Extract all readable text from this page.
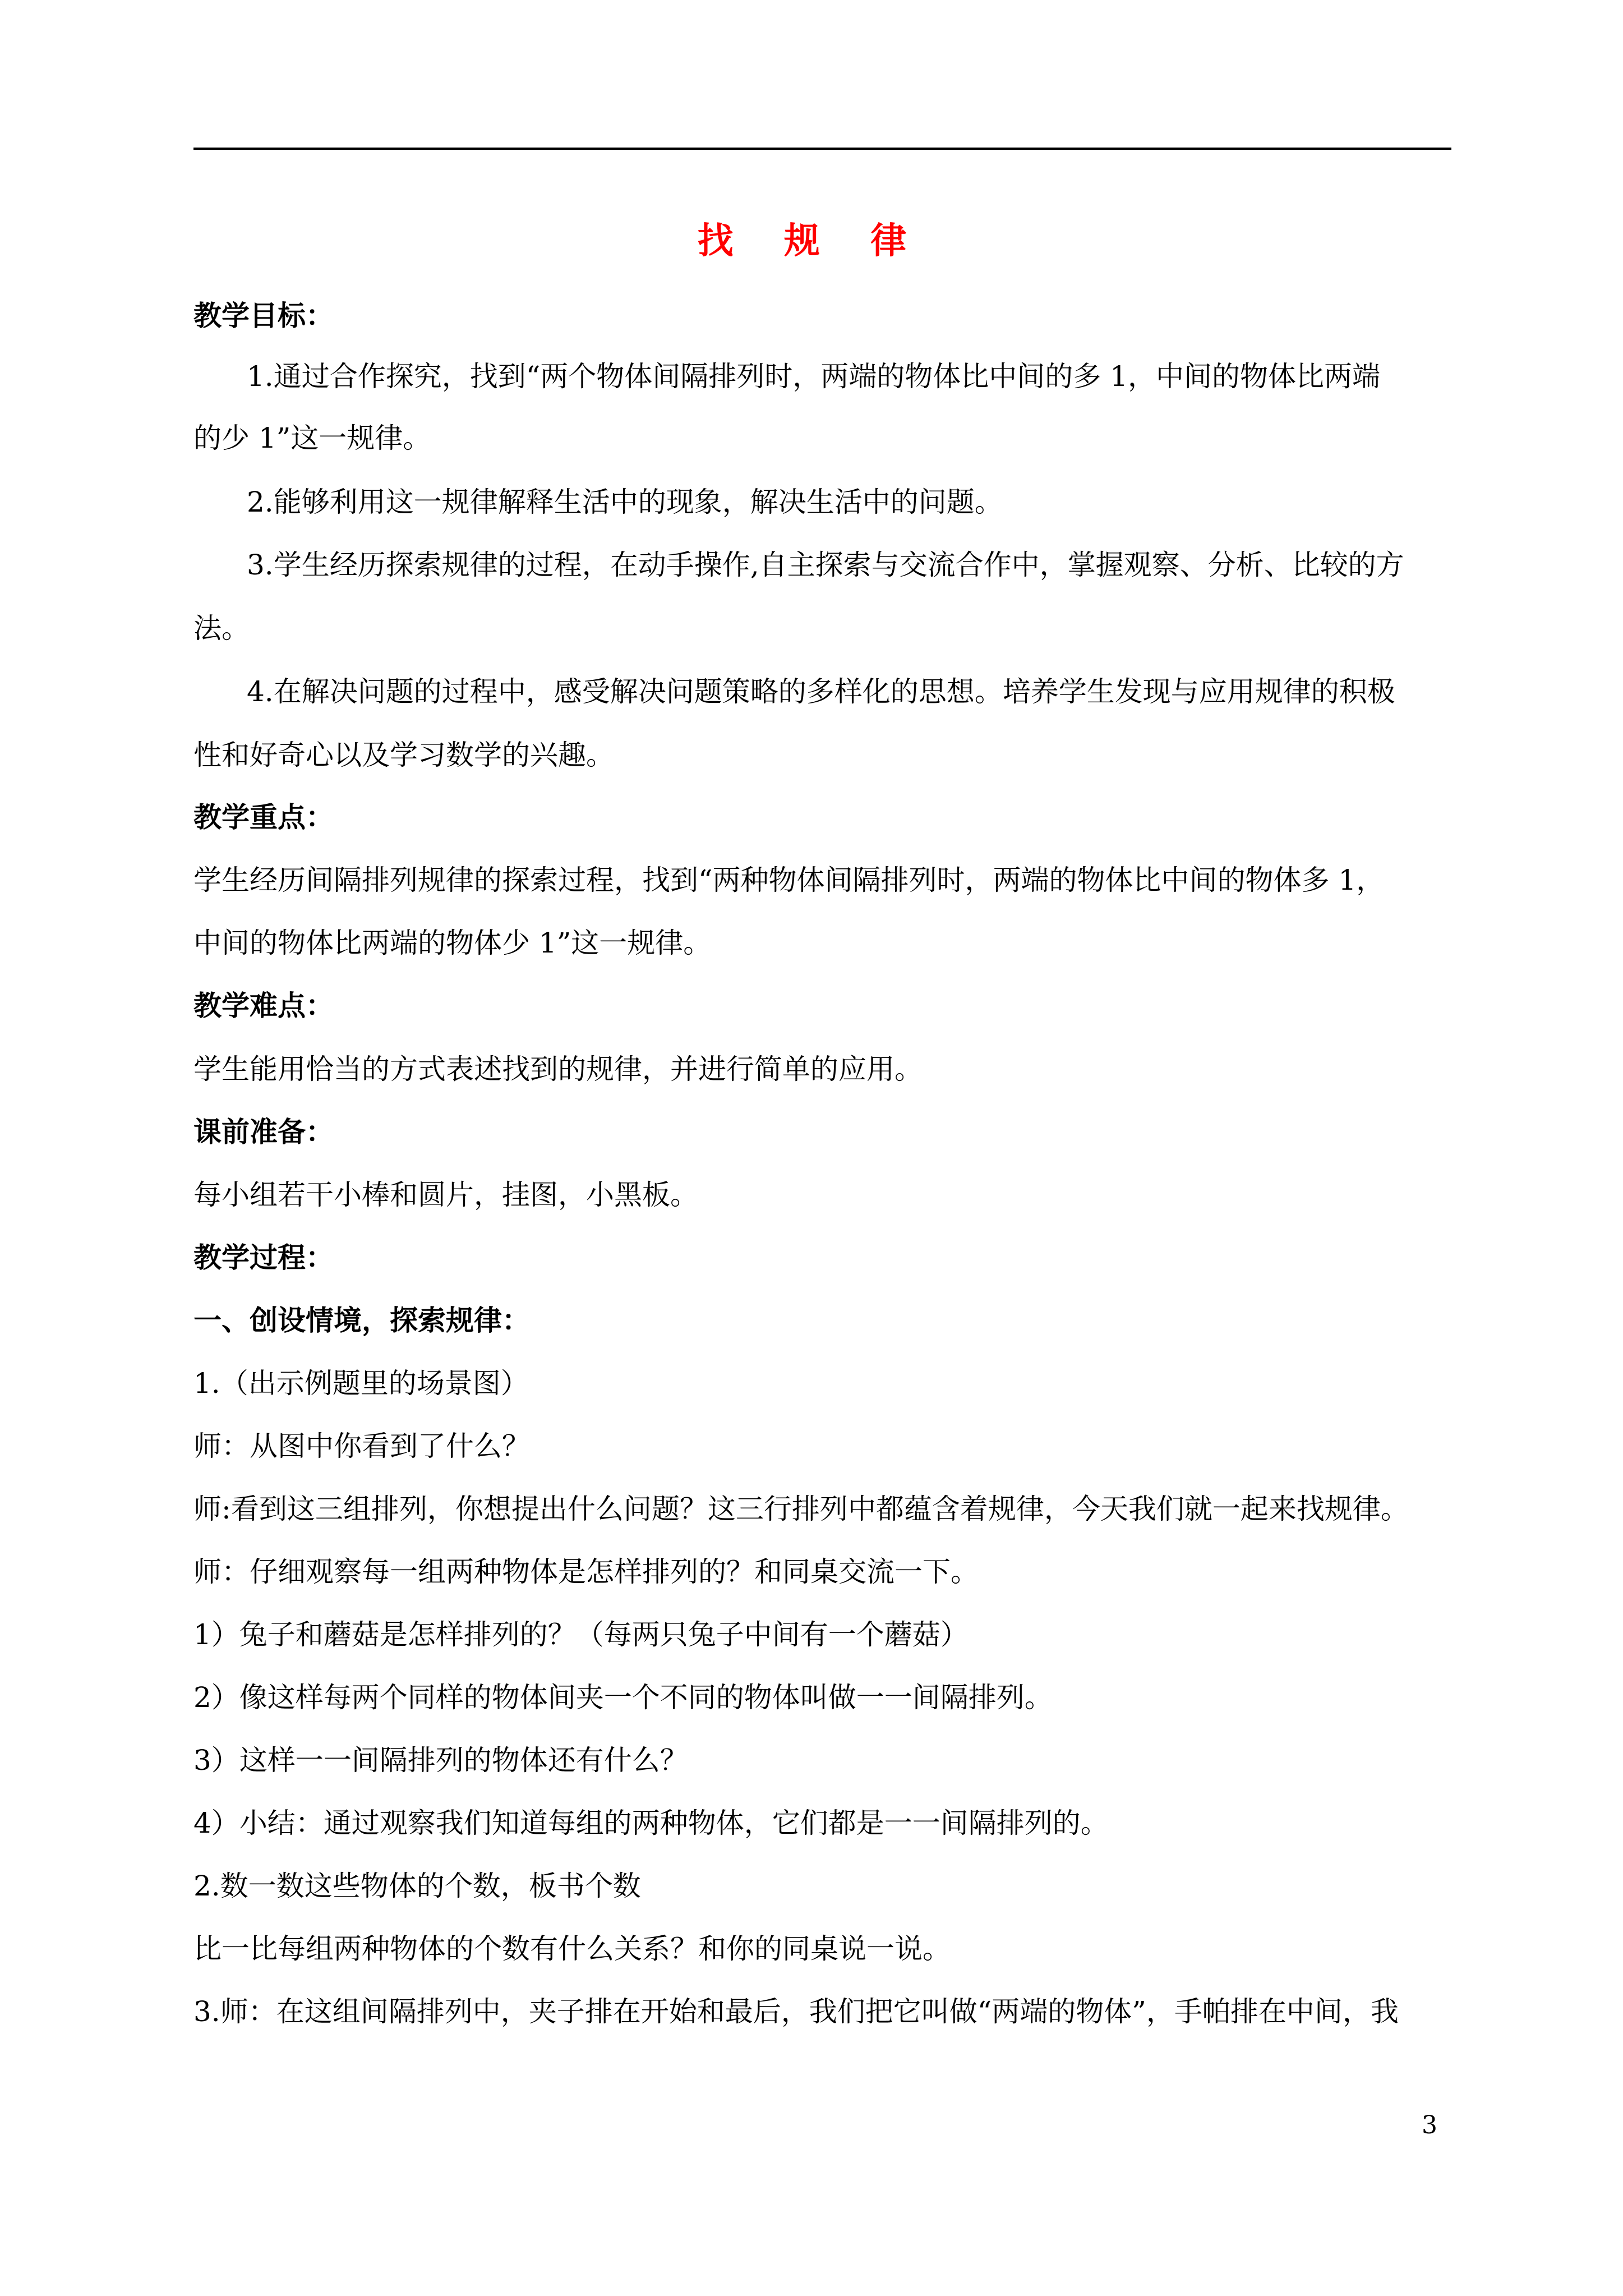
找 规 律
教学目标：
1.通过合作探究，找到“两个物体间隔排列时，两端的物体比中间的多 1，中间的物体比两端
的少 1”这一规律。
2.能够利用这一规律解释生活中的现象，解决生活中的问题。
3.学生经历探索规律的过程，在动手操作,自主探索与交流合作中，掌握观察、分析、比较的方
法。
4.在解决问题的过程中，感受解决问题策略的多样化的思想。培养学生发现与应用规律的积极
性和好奇心以及学习数学的兴趣。
教学重点：
学生经历间隔排列规律的探索过程，找到“两种物体间隔排列时，两端的物体比中间的物体多 1，
中间的物体比两端的物体少 1”这一规律。
教学难点：
学生能用恰当的方式表述找到的规律，并进行简单的应用。
课前准备：
每小组若干小棒和圆片，挂图，小黑板。
教学过程：
一、创设情境，探索规律：
1.（出示例题里的场景图）
师：从图中你看到了什么？
师:看到这三组排列，你想提出什么问题？这三行排列中都蕴含着规律，今天我们就一起来找规律。
师：仔细观察每一组两种物体是怎样排列的？和同桌交流一下。
1）兔子和蘑菇是怎样排列的？（每两只兔子中间有一个蘑菇）
2）像这样每两个同样的物体间夹一个不同的物体叫做一一间隔排列。
3）这样一一间隔排列的物体还有什么？
4）小结：通过观察我们知道每组的两种物体，它们都是一一间隔排列的。
2.数一数这些物体的个数，板书个数
比一比每组两种物体的个数有什么关系？和你的同桌说一说。
3.师：在这组间隔排列中，夹子排在开始和最后，我们把它叫做“两端的物体”，手帕排在中间，我
3
